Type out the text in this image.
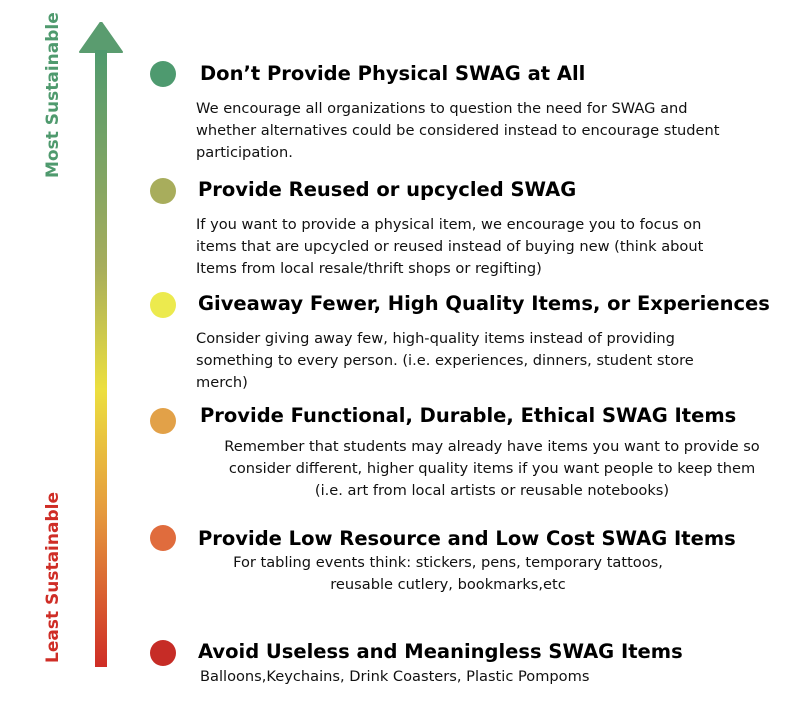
Most Sustainable
Least Sustainable
Don’t Provide Physical SWAG at All
We encourage all organizations to question the need for SWAG and
whether alternatives could be considered instead to encourage student
participation.
Provide Reused or upcycled SWAG
If you want to provide a physical item, we encourage you to focus on
items that are upcycled or reused instead of buying new (think about
Items from local resale/thrift shops or regifting)
Giveaway Fewer, High Quality Items, or Experiences
Consider giving away few, high-quality items instead of providing
something to every person. (i.e. experiences, dinners, student store
merch)
Provide Functional, Durable, Ethical SWAG Items
Remember that students may already have items you want to provide so
consider different, higher quality items if you want people to keep them
(i.e. art from local artists or reusable notebooks)
Provide Low Resource and Low Cost SWAG Items
For tabling events think: stickers, pens, temporary tattoos,
reusable cutlery, bookmarks,etc
Avoid Useless and Meaningless SWAG Items
Balloons,Keychains, Drink Coasters, Plastic Pompoms
